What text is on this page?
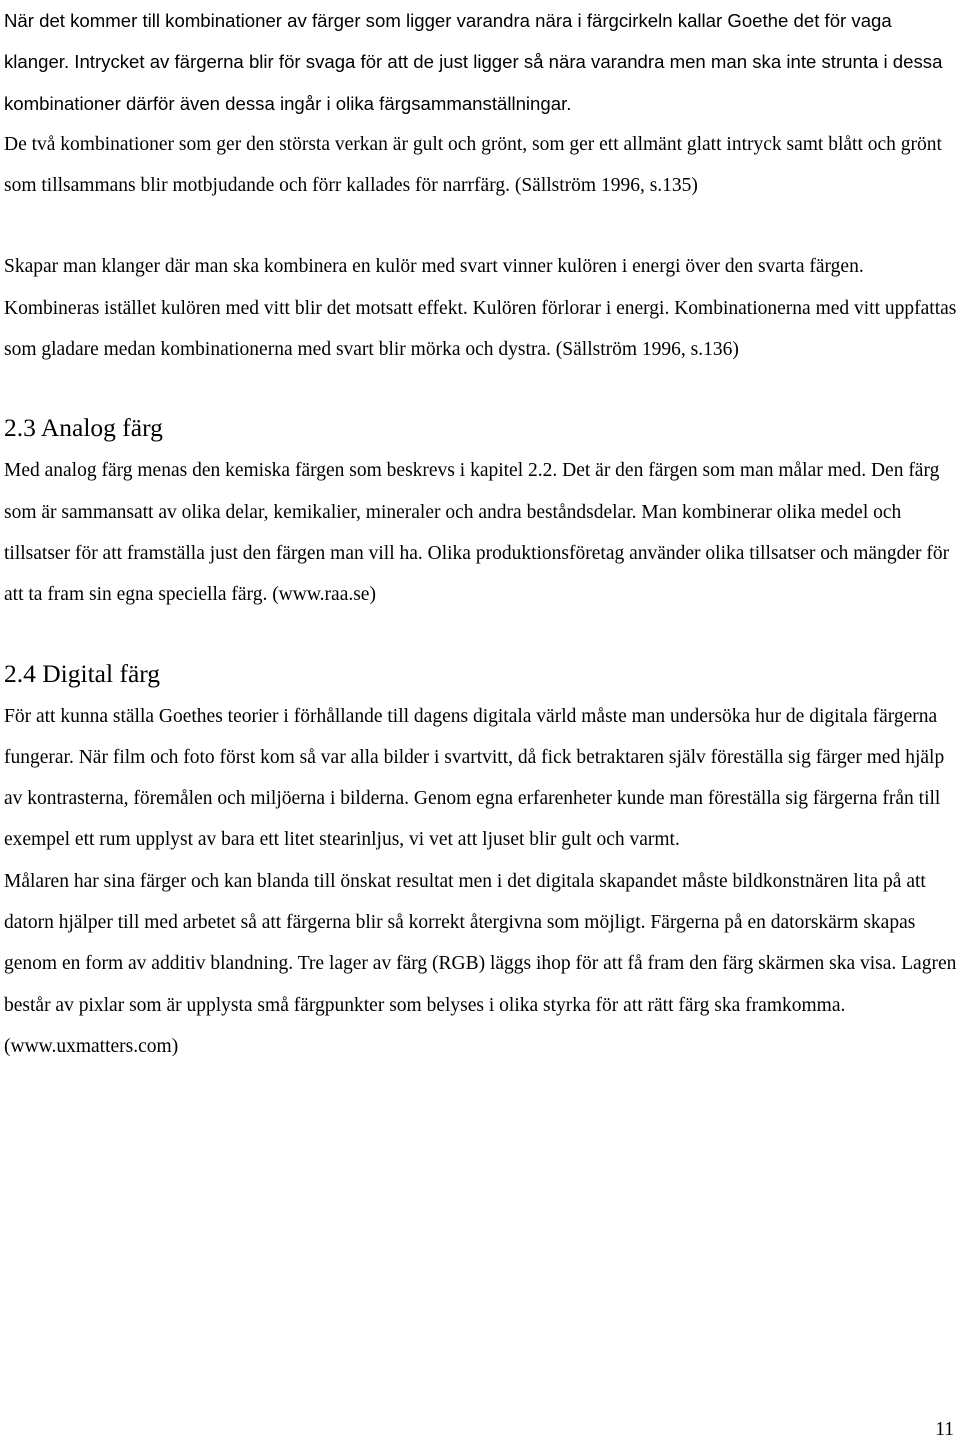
När det kommer till kombinationer av färger som ligger varandra nära i färgcirkeln kallar Goethe det för vaga klanger. Intrycket av färgerna blir för svaga för att de just ligger så nära varandra men man ska inte strunta i dessa kombinationer därför även dessa ingår i olika färgsammanställningar.

De två kombinationer som ger den största verkan är gult och grönt, som ger ett allmänt glatt intryck samt blått och grönt som tillsammans blir motbjudande och förr kallades för narrfärg. (Sällström 1996, s.135)

Skapar man klanger där man ska kombinera en kulör med svart vinner kulören i energi över den svarta färgen. Kombineras istället kulören med vitt blir det motsatt effekt. Kulören förlorar i energi. Kombinationerna med vitt uppfattas som gladare medan kombinationerna med svart blir mörka och dystra. (Sällström 1996, s.136)

2.3 Analog färg

Med analog färg menas den kemiska färgen som beskrevs i kapitel 2.2. Det är den färgen som man målar med. Den färg som är sammansatt av olika delar, kemikalier, mineraler och andra beståndsdelar. Man kombinerar olika medel och tillsatser för att framställa just den färgen man vill ha. Olika produktionsföretag använder olika tillsatser och mängder för att ta fram sin egna speciella färg. (www.raa.se)

2.4 Digital färg

För att kunna ställa Goethes teorier i förhållande till dagens digitala värld måste man undersöka hur de digitala färgerna fungerar. När film och foto först kom så var alla bilder i svartvitt, då fick betraktaren själv föreställa sig färger med hjälp av kontrasterna, föremålen och miljöerna i bilderna. Genom egna erfarenheter kunde man föreställa sig färgerna från till exempel ett rum upplyst av bara ett litet stearinljus, vi vet att ljuset blir gult och varmt.

Målaren har sina färger och kan blanda till önskat resultat men i det digitala skapandet måste bildkonstnären lita på att datorn hjälper till med arbetet så att färgerna blir så korrekt återgivna som möjligt. Färgerna på en datorskärm skapas genom en form av additiv blandning. Tre lager av färg (RGB) läggs ihop för att få fram den färg skärmen ska visa. Lagren består av pixlar som är upplysta små färgpunkter som belyses i olika styrka för att rätt färg ska framkomma. (www.uxmatters.com)

11
